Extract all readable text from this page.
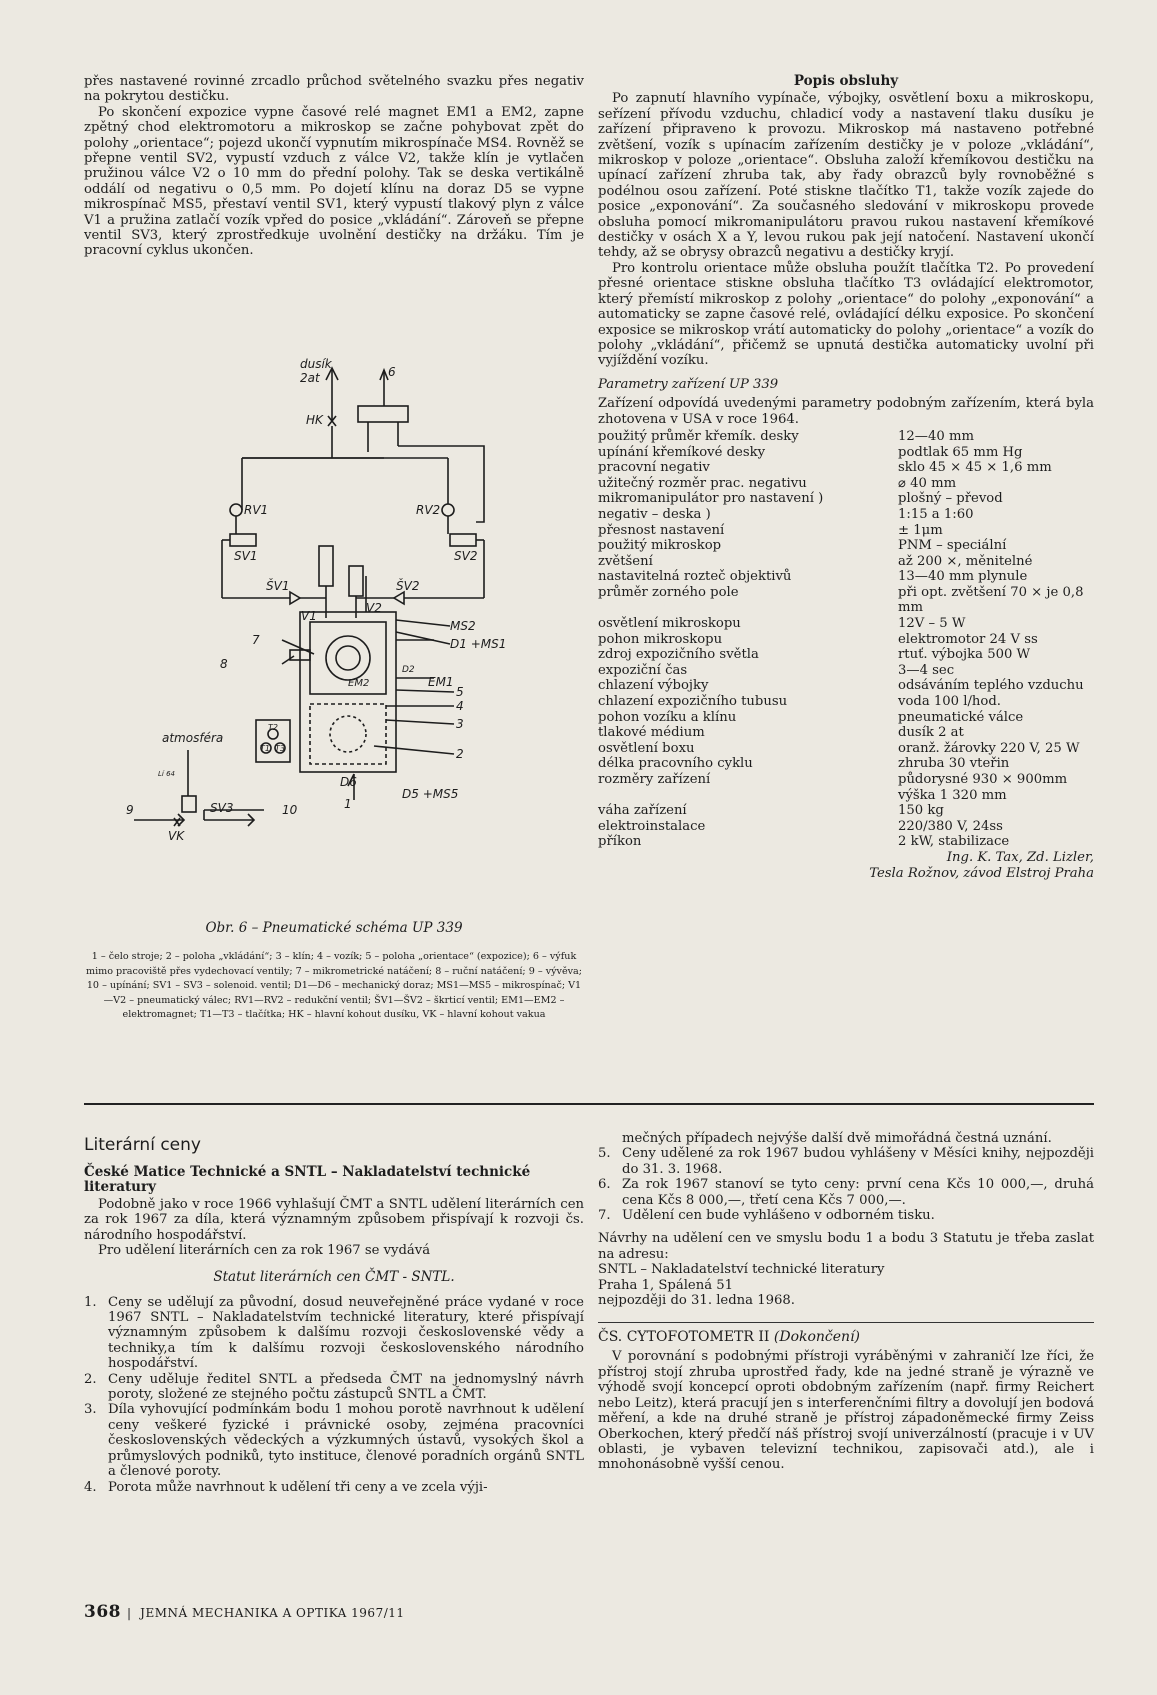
přes nastavené rovinné zrcadlo průchod světelného svazku přes negativ na pokrytou destičku.

Po skončení expozice vypne časové relé magnet EM1 a EM2, zapne zpětný chod elektromotoru a mikroskop se začne pohybovat zpět do polohy „orientace“; pojezd ukončí vypnutím mikrospínače MS4. Rovněž se přepne ventil SV2, vypustí vzduch z válce V2, takže klín je vytlačen pružinou válce V2 o 10 mm do přední polohy. Tak se deska vertikálně oddálí od negativu o 0,5 mm. Po dojetí klínu na doraz D5 se vypne mikrospínač MS5, přestaví ventil SV1, který vypustí tlakový plyn z válce V1 a pružina zatlačí vozík vpřed do posice „vkládání“. Zároveň se přepne ventil SV3, který zprostředkuje uvolnění destičky na držáku. Tím je pracovní cyklus ukončen.

dusík
2at	6
HK
RV1	RV2
SV1	SV2
V1
V2
ŠV1	ŠV2
MS2
D1 +MS1
7
8
EM2
D2
EM1
5
4
3
2
T2
T1 T3
atmosféra
Lí 64
D6
1
D5 +MS5
SV3
9	10
VK
Obr. 6 – Pneumatické schéma UP 339
1 – čelo stroje; 2 – poloha „vkládání“; 3 – klín; 4 – vozík; 5 – poloha „orientace“ (expozice); 6 – výfuk mimo pracoviště přes vydechovací ventily; 7 – mikrometrické natáčení; 8 – ruční natáčení; 9 – vývěva; 10 – upínání; SV1 – SV3 – solenoid. ventil; D1—D6 – mechanický doraz; MS1—MS5 – mikrospínač; V1—V2 – pneumatický válec; RV1—RV2 – redukční ventil; ŠV1—ŠV2 – škrticí ventil; EM1—EM2 – elektromagnet; T1—T3 – tlačítka; HK – hlavní kohout dusíku, VK – hlavní kohout vakua

Popis obsluhy

Po zapnutí hlavního vypínače, výbojky, osvětlení boxu a mikroskopu, seřízení přívodu vzduchu, chladicí vody a nastavení tlaku dusíku je zařízení připraveno k provozu. Mikroskop má nastaveno potřebné zvětšení, vozík s upínacím zařízením destičky je v poloze „vkládání“, mikroskop v poloze „orientace“. Obsluha založí křemíkovou destičku na upínací zařízení zhruba tak, aby řady obrazců byly rovnoběžné s podélnou osou zařízení. Poté stiskne tlačítko T1, takže vozík zajede do posice „exponování“. Za současného sledování v mikroskopu provede obsluha pomocí mikromanipulátoru pravou rukou nastavení křemíkové destičky v osách X a Y, levou rukou pak její natočení. Nastavení ukončí tehdy, až se obrysy obrazců negativu a destičky kryjí.

Pro kontrolu orientace může obsluha použít tlačítka T2. Po provedení přesné orientace stiskne obsluha tlačítko T3 ovládající elektromotor, který přemístí mikroskop z polohy „orientace“ do polohy „exponování“ a automaticky se zapne časové relé, ovládající délku exposice. Po skončení exposice se mikroskop vrátí automaticky do polohy „orientace“ a vozík do polohy „vkládání“, přičemž se upnutá destička automaticky uvolní při vyjíždění vozíku.

Parametry zařízení UP 339

Zařízení odpovídá uvedenými parametry podobným zařízením, která byla zhotovena v USA v roce 1964.

použitý průměr křemík. desky	12—40 mm
upínání křemíkové desky	podtlak 65 mm Hg
pracovní negativ	sklo 45 × 45 × 1,6 mm
užitečný rozměr prac. negativu	⌀ 40 mm
mikromanipulátor pro nastavení )	plošný – převod
negativ – deska )	1:15 a 1:60
přesnost nastavení	± 1μm
použitý mikroskop	PNM – speciální
zvětšení	až 200 ×, měnitelné
nastavitelná rozteč objektivů	13—40 mm plynule
průměr zorného pole	při opt. zvětšení 70 × je 0,8 mm
osvětlení mikroskopu	12V – 5 W
pohon mikroskopu	elektromotor 24 V ss
zdroj expozičního světla	rtuť. výbojka 500 W
expoziční čas	3—4 sec
chlazení výbojky	odsáváním teplého vzduchu
chlazení expozičního tubusu	voda 100 l/hod.
pohon vozíku a klínu	pneumatické válce
tlakové médium	dusík 2 at
osvětlení boxu	oranž. žárovky 220 V, 25 W
délka pracovního cyklu	zhruba 30 vteřin
rozměry zařízení	půdorysné 930 × 900mm výška 1 320 mm
váha zařízení	150 kg
elektroinstalace	220/380 V, 24ss
příkon	2 kW, stabilizace
Ing. K. Tax, Zd. Lizler,
Tesla Rožnov, závod Elstroj Praha
Literární ceny
České Matice Technické a SNTL – Nakladatelství technické literatury

Podobně jako v roce 1966 vyhlašují ČMT a SNTL udělení literárních cen za rok 1967 za díla, která významným způsobem přispívají k rozvoji čs. národního hospodářství.

Pro udělení literárních cen za rok 1967 se vydává

Statut literárních cen ČMT - SNTL.
1. Ceny se udělují za původní, dosud neuveřejněné práce vydané v roce 1967 SNTL – Nakladatelstvím technické literatury, které přispívají významným způsobem k dalšímu rozvoji československé vědy a techniky,a tím k dalšímu rozvoji československého národního hospodářství.
2. Ceny uděluje ředitel SNTL a předseda ČMT na jednomyslný návrh poroty, složené ze stejného počtu zástupců SNTL a ČMT.
3. Díla vyhovující podmínkám bodu 1 mohou porotě navrhnout k udělení ceny veškeré fyzické i právnické osoby, zejména pracovníci československých vědeckých a výzkumných ústavů, vysokých škol a průmyslových podniků, tyto instituce, členové poradních orgánů SNTL a členové poroty.
4. Porota může navrhnout k udělení tři ceny a ve zcela výji-

mečných případech nejvýše další dvě mimořádná čestná uznání.

5. Ceny udělené za rok 1967 budou vyhlášeny v Měsíci knihy, nejpozději do 31. 3. 1968.
6. Za rok 1967 stanoví se tyto ceny: první cena Kčs 10 000,—, druhá cena Kčs 8 000,—, třetí cena Kčs 7 000,—.
7. Udělení cen bude vyhlášeno v odborném tisku.

Návrhy na udělení cen ve smyslu bodu 1 a bodu 3 Statutu je třeba zaslat na adresu:

SNTL – Nakladatelství technické literatury

Praha 1, Spálená 51

nejpozději do 31. ledna 1968.

ČS. CYTOFOTOMETR II (Dokončení)

V porovnání s podobnými přístroji vyráběnými v zahraničí lze říci, že přístroj stojí zhruba uprostřed řady, kde na jedné straně je výrazně ve výhodě svojí koncepcí oproti obdobným zařízením (např. firmy Reichert nebo Leitz), která pracují jen s interferenčními filtry a dovolují jen bodová měření, a kde na druhé straně je přístroj západoněmecké firmy Zeiss Oberkochen, který předčí náš přístroj svojí univerzálností (pracuje i v UV oblasti, je vybaven televizní technikou, zapisovači atd.), ale i mnohonásobně vyšší cenou.

368 |  JEMNÁ MECHANIKA A OPTIKA 1967/11
